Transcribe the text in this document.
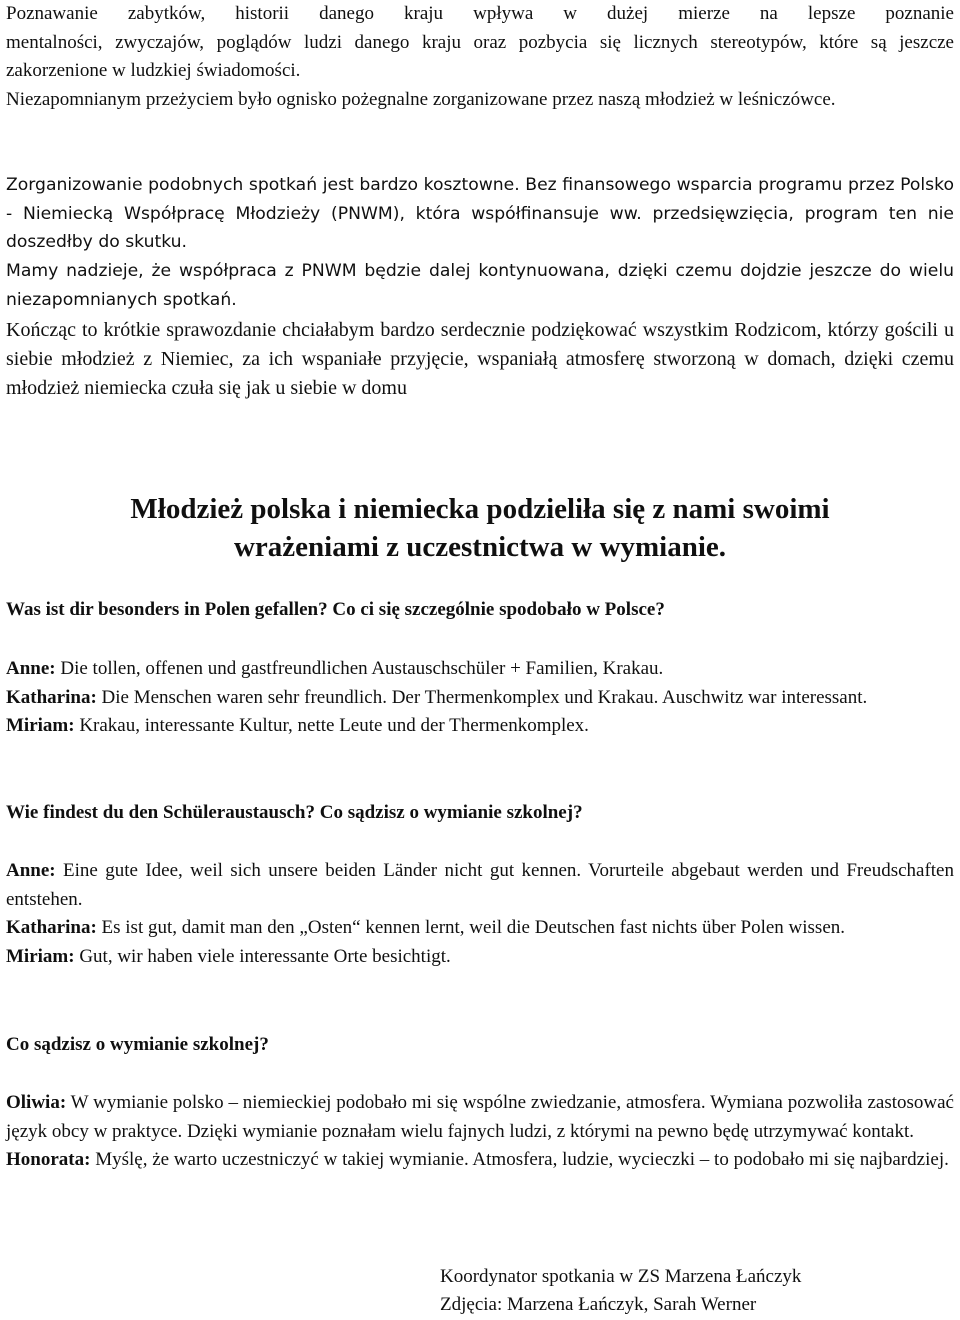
Poznawanie zabytków, historii danego kraju wpływa w dużej mierze na lepsze poznanie

mentalności, zwyczajów, poglądów ludzi danego kraju oraz pozbycia się licznych stereotypów, które są jeszcze zakorzenione w ludzkiej świadomości.

Niezapomnianym przeżyciem było ognisko pożegnalne zorganizowane przez naszą młodzież w leśniczówce.

Zorganizowanie podobnych spotkań jest bardzo kosztowne. Bez finansowego wsparcia programu przez Polsko - Niemiecką Współpracę Młodzieży (PNWM), która współfinansuje ww. przedsięwzięcia, program ten nie doszedłby do skutku.

Mamy nadzieje, że współpraca z PNWM będzie dalej kontynuowana, dzięki czemu dojdzie jeszcze do wielu niezapomnianych spotkań.

Kończąc to krótkie sprawozdanie chciałabym bardzo serdecznie podziękować wszystkim Rodzicom, którzy gościli u siebie młodzież z Niemiec, za ich wspaniałe przyjęcie, wspaniałą atmosferę stworzoną w domach, dzięki czemu młodzież niemiecka czuła się jak u siebie w domu

Młodzież polska i niemiecka podzieliła się z nami swoimi
wrażeniami z uczestnictwa w wymianie.

Was ist dir besonders in Polen gefallen? Co ci się szczególnie spodobało w Polsce?

Anne: Die tollen, offenen und gastfreundlichen Austauschschüler + Familien, Krakau.
Katharina: Die Menschen waren sehr freundlich. Der Thermenkomplex und Krakau. Auschwitz war interessant.
Miriam: Krakau, interessante Kultur, nette Leute und der Thermenkomplex.

Wie findest du den Schüleraustausch? Co sądzisz o wymianie szkolnej?

Anne: Eine gute Idee, weil sich unsere beiden Länder nicht gut kennen. Vorurteile abgebaut werden und Freudschaften entstehen.
Katharina: Es ist gut, damit man den „Osten“ kennen lernt, weil die Deutschen fast nichts über Polen wissen.
Miriam: Gut, wir haben viele interessante Orte besichtigt.

Co sądzisz o wymianie szkolnej?

Oliwia: W wymianie polsko – niemieckiej podobało mi się wspólne zwiedzanie, atmosfera. Wymiana pozwoliła zastosować język obcy w praktyce. Dzięki wymianie poznałam wielu fajnych ludzi, z którymi na pewno będę utrzymywać kontakt.
Honorata: Myślę, że warto uczestniczyć w takiej wymianie. Atmosfera, ludzie, wycieczki – to podobało mi się najbardziej.

Koordynator spotkania w ZS Marzena Łańczyk

Zdjęcia: Marzena Łańczyk, Sarah Werner
